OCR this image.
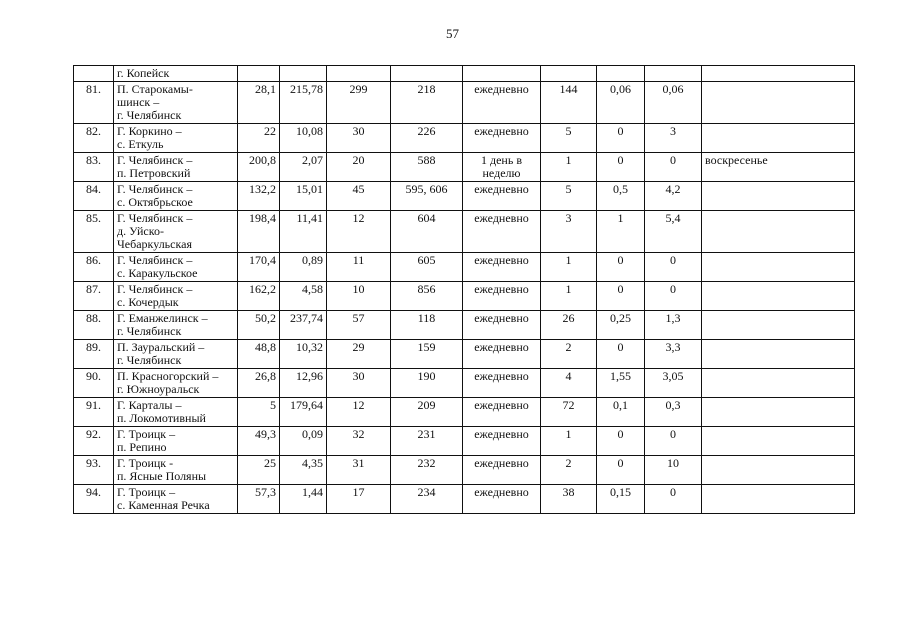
57
	г. Копейск									
81.	П. Старокамы-
шинск –
г. Челябинск	28,1	215,78	299	218	ежедневно	144	0,06	0,06	
82.	Г. Коркино –
с. Еткуль	22	10,08	30	226	ежедневно	5	0	3	
83.	Г. Челябинск –
п. Петровский	200,8	2,07	20	588	1 день в
неделю	1	0	0	воскресенье
84.	Г. Челябинск –
с. Октябрьское	132,2	15,01	45	595, 606	ежедневно	5	0,5	4,2	
85.	Г. Челябинск –
д. Уйско-
Чебаркульская	198,4	11,41	12	604	ежедневно	3	1	5,4	
86.	Г. Челябинск –
с. Каракульское	170,4	0,89	11	605	ежедневно	1	0	0	
87.	Г. Челябинск –
с. Кочердык	162,2	4,58	10	856	ежедневно	1	0	0	
88.	Г. Еманжелинск –
г. Челябинск	50,2	237,74	57	118	ежедневно	26	0,25	1,3	
89.	П. Зауральский –
г. Челябинск	48,8	10,32	29	159	ежедневно	2	0	3,3	
90.	П. Красногорский –
г. Южноуральск	26,8	12,96	30	190	ежедневно	4	1,55	3,05	
91.	Г. Карталы –
п. Локомотивный	5	179,64	12	209	ежедневно	72	0,1	0,3	
92.	Г. Троицк –
п. Репино	49,3	0,09	32	231	ежедневно	1	0	0	
93.	Г. Троицк -
п. Ясные Поляны	25	4,35	31	232	ежедневно	2	0	10	
94.	Г. Троицк –
с. Каменная Речка	57,3	1,44	17	234	ежедневно	38	0,15	0	
